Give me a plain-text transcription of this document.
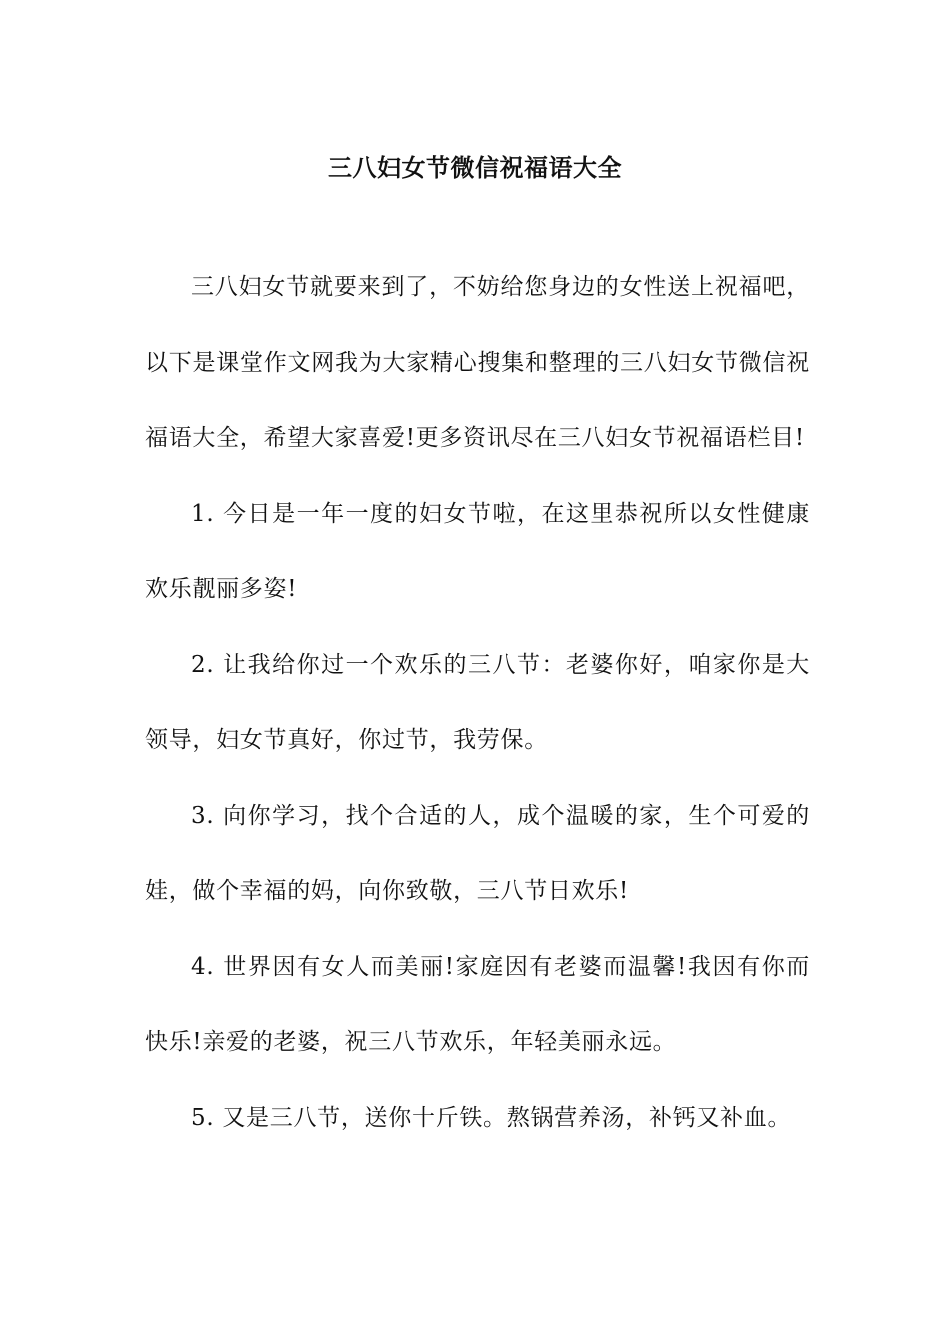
三八妇女节微信祝福语大全

三八妇女节就要来到了，不妨给您身边的女性送上祝福吧，以下是课堂作文网我为大家精心搜集和整理的三八妇女节微信祝福语大全，希望大家喜爱!更多资讯尽在三八妇女节祝福语栏目!

1. 今日是一年一度的妇女节啦，在这里恭祝所以女性健康欢乐靓丽多姿!

2. 让我给你过一个欢乐的三八节：老婆你好，咱家你是大领导，妇女节真好，你过节，我劳保。

3. 向你学习，找个合适的人，成个温暖的家，生个可爱的娃，做个幸福的妈，向你致敬，三八节日欢乐!

4. 世界因有女人而美丽!家庭因有老婆而温馨!我因有你而快乐!亲爱的老婆，祝三八节欢乐，年轻美丽永远。

5. 又是三八节，送你十斤铁。熬锅营养汤，补钙又补血。
